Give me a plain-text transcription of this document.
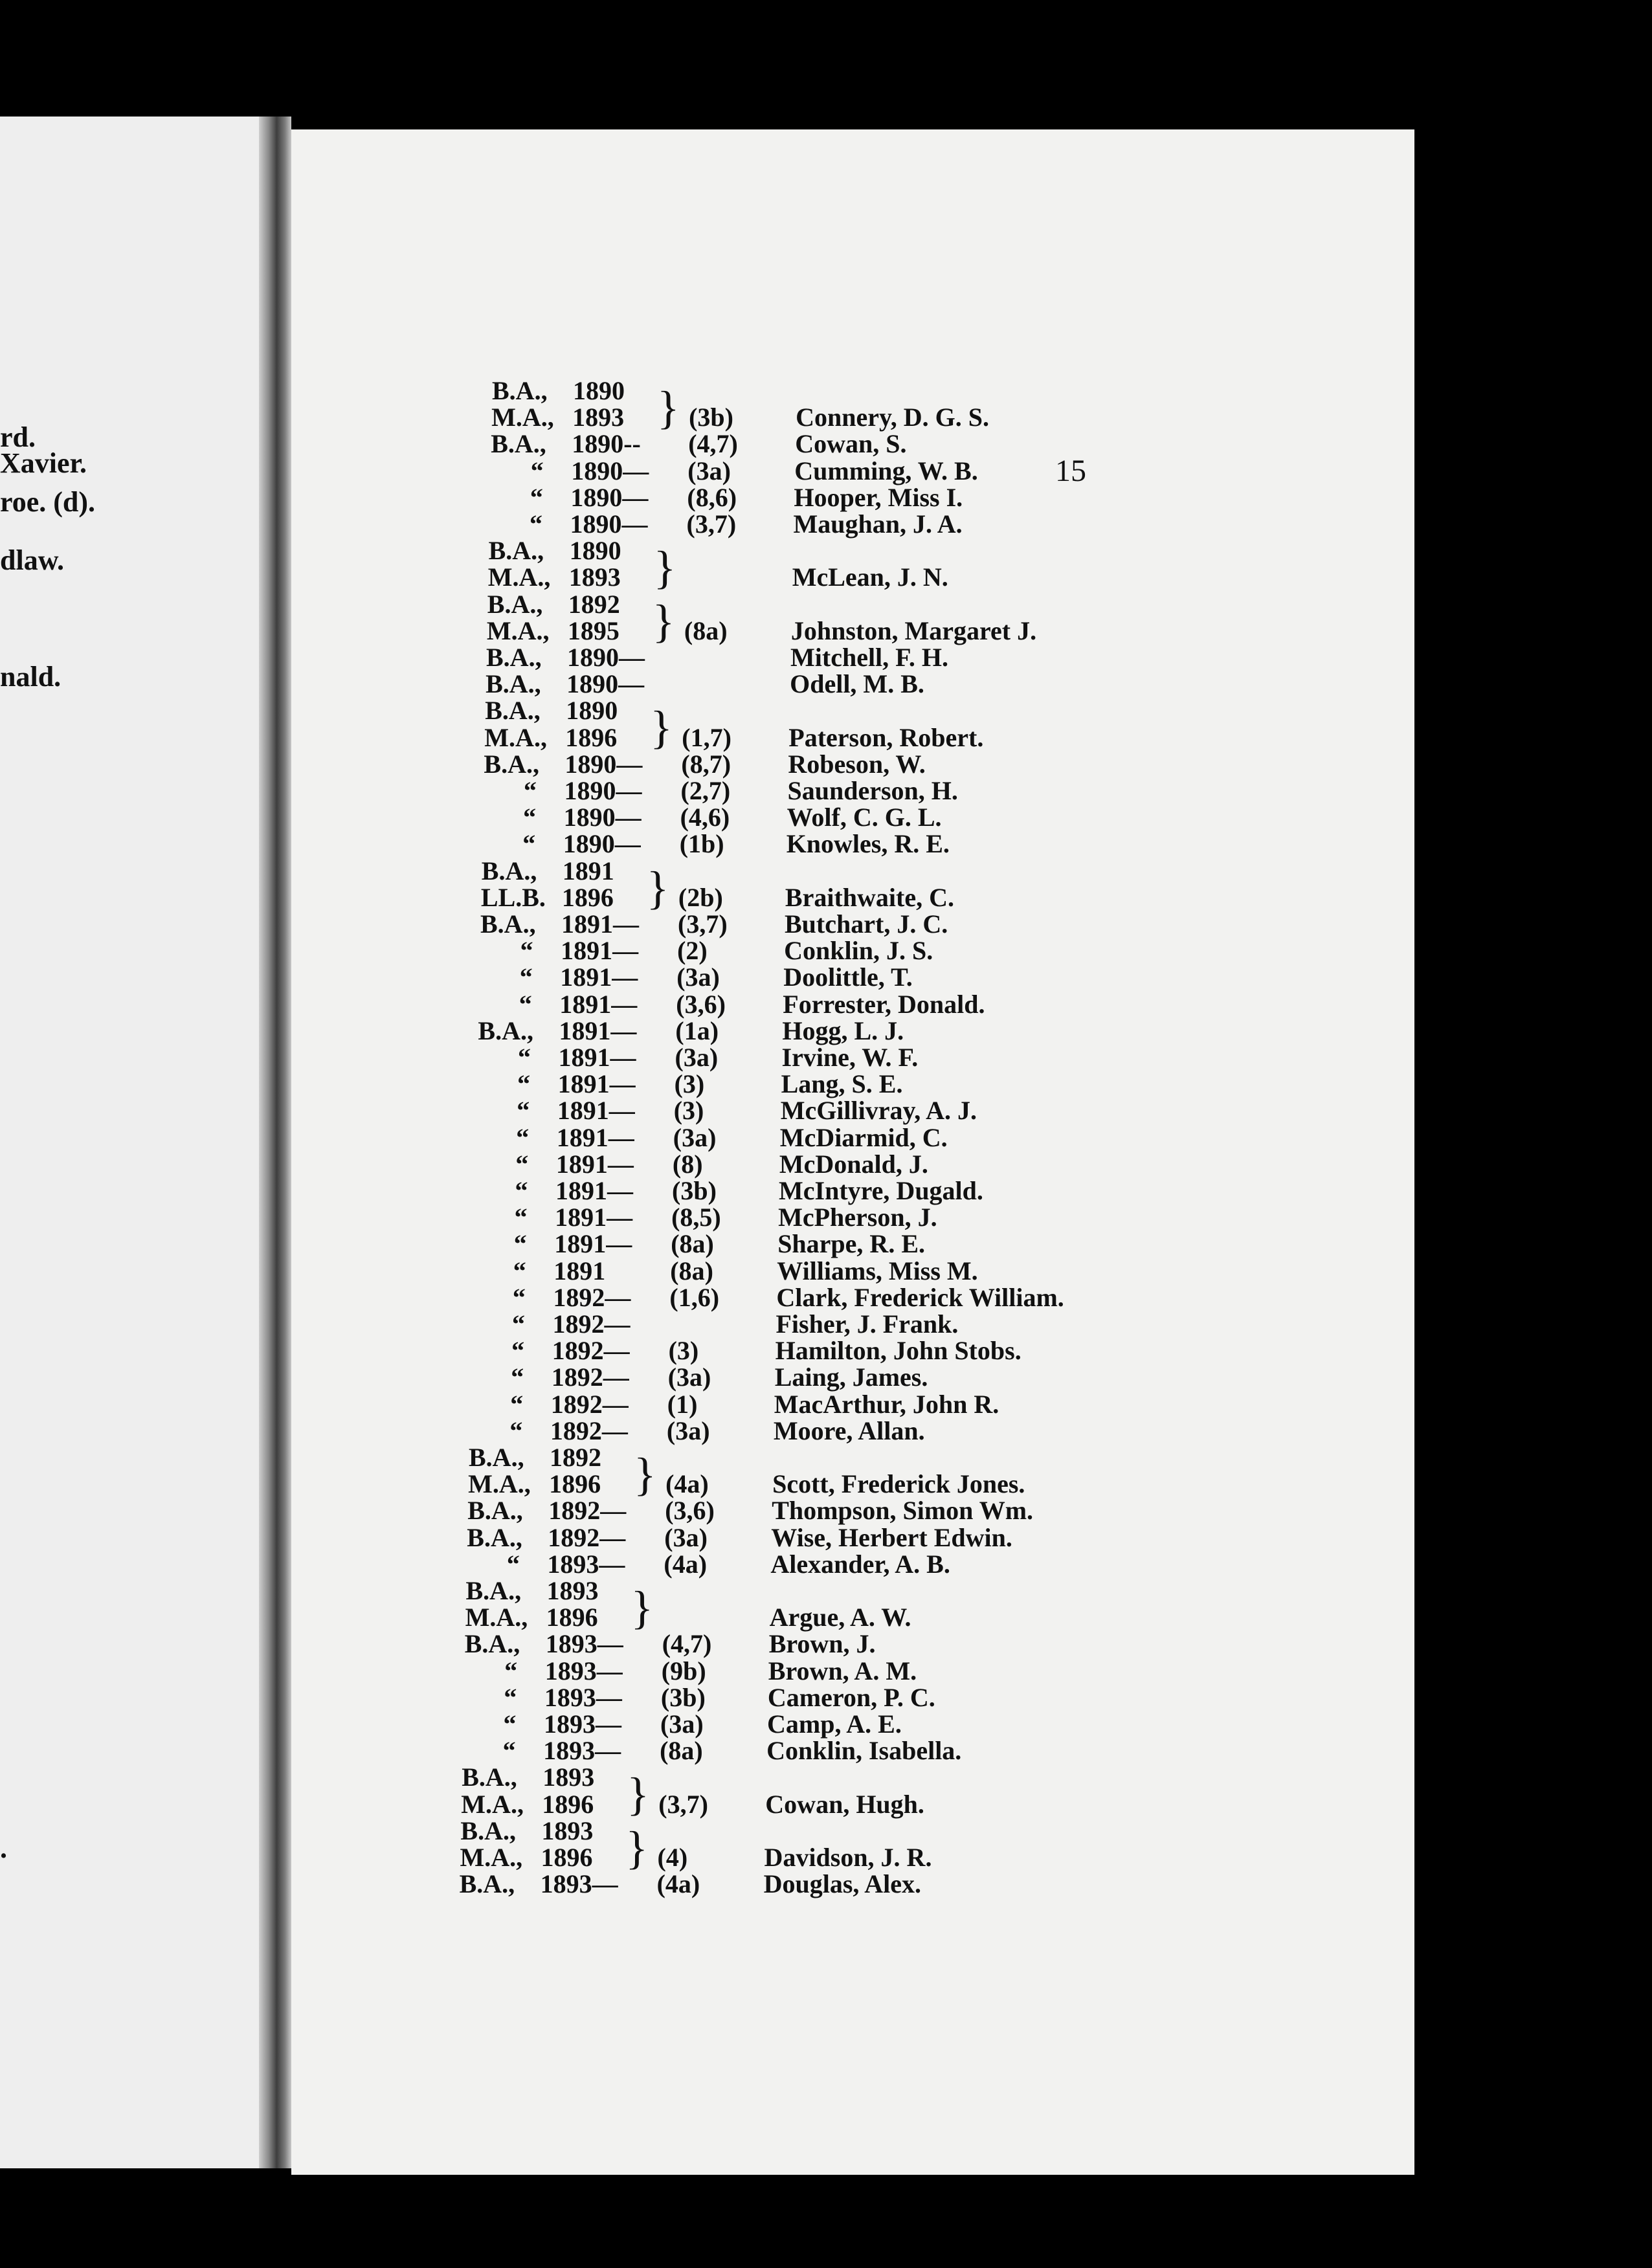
rd.
Xavier.
roe. (d).
dlaw.
nald.
.
15
B.A., 1890 }
M.A., 1893	(3b) Connery, D. G. S.
B.A., 1890-- (4,7) Cowan, S.
“	1890— (3a) Cumming, W. B.
“	1890— (8,6) Hooper, Miss I.
“	1890— (3,7) Maughan, J. A.
B.A., 1890 }
M.A., 1893	McLean, J. N.
B.A., 1892 }
M.A., 1895	(8a) Johnston, Margaret J.
B.A., 1890—	Mitchell, F. H.
B.A., 1890—	Odell, M. B.
B.A., 1890 }
M.A., 1896	(1,7) Paterson, Robert.
B.A., 1890— (8,7) Robeson, W.
“	1890— (2,7) Saunderson, H.
“	1890— (4,6) Wolf, C. G. L.
“	1890— (1b) Knowles, R. E.
B.A., 1891 }
LL.B. 1896	(2b) Braithwaite, C.
B.A., 1891— (3,7) Butchart, J. C.
“	1891— (2)	Conklin, J. S.
“	1891— (3a) Doolittle, T.
“	1891— (3,6) Forrester, Donald.
B.A., 1891— (1a) Hogg, L. J.
“	1891— (3a) Irvine, W. F.
“	1891— (3)	Lang, S. E.
“	1891— (3)	McGillivray, A. J.
“	1891— (3a) McDiarmid, C.
“	1891— (8)	McDonald, J.
“	1891— (3b) McIntyre, Dugald.
“	1891— (8,5) McPherson, J.
“	1891— (8a) Sharpe, R. E.
“	1891	(8a) Williams, Miss M.
“	1892— (1,6) Clark, Frederick William.
“	1892—	Fisher, J. Frank.
“	1892— (3)	Hamilton, John Stobs.
“	1892— (3a) Laing, James.
“	1892— (1)	MacArthur, John R.
“	1892— (3a) Moore, Allan.
B.A., 1892 }
M.A., 1896	(4a) Scott, Frederick Jones.
B.A., 1892— (3,6) Thompson, Simon Wm.
B.A., 1892— (3a) Wise, Herbert Edwin.
“	1893— (4a) Alexander, A. B.
B.A., 1893 }
M.A., 1896	Argue, A. W.
B.A., 1893— (4,7) Brown, J.
“	1893— (9b) Brown, A. M.
“	1893— (3b) Cameron, P. C.
“	1893— (3a) Camp, A. E.
“	1893— (8a) Conklin, Isabella.
B.A., 1893 }
M.A., 1896	(3,7) Cowan, Hugh.
B.A., 1893 }
M.A., 1896	(4)	Davidson, J. R.
B.A., 1893— (4a) Douglas, Alex.
